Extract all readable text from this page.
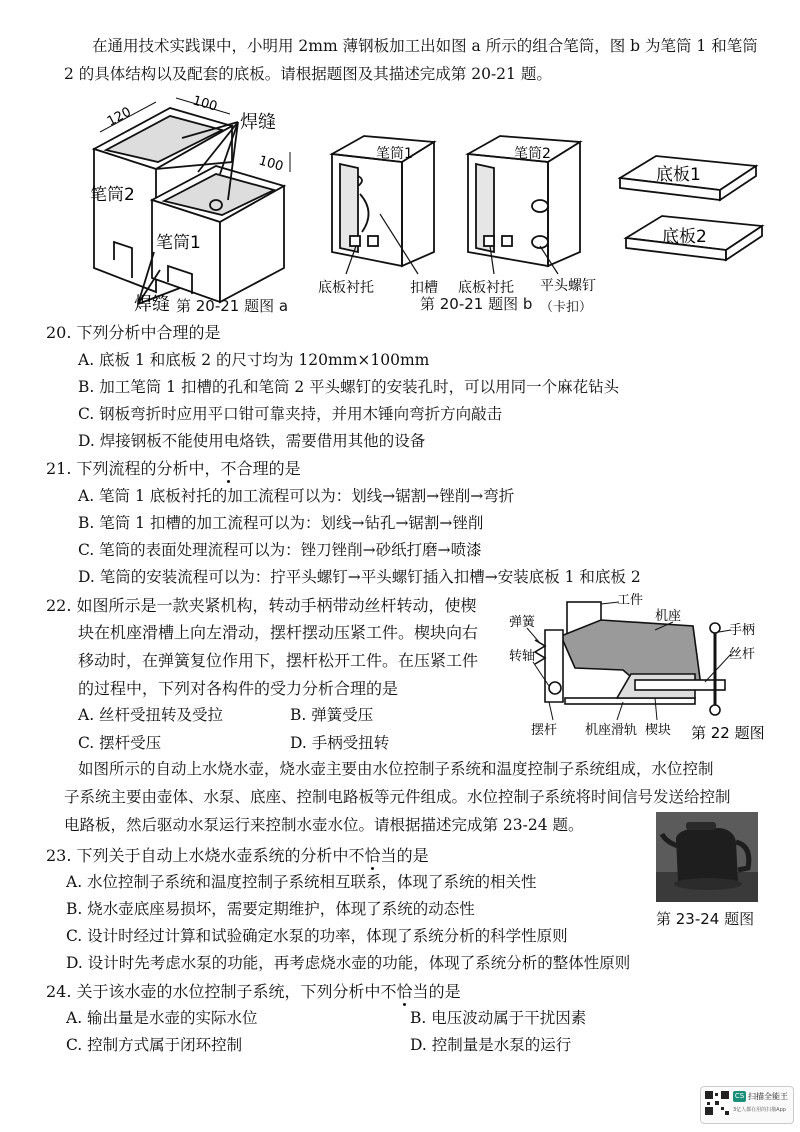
在通用技术实践课中，小明用 2mm 薄钢板加工出如图 a 所示的组合笔筒，图 b 为笔筒 1 和笔筒
2 的具体结构以及配套的底板。请根据题图及其描述完成第 20-21 题。
120
100
100
焊缝
笔筒2
笔筒1
焊缝 第 20-21 题图 a
笔筒1	笔筒2
底板衬托	扣槽 底板衬托 平头螺钉
第 20-21 题图 b （卡扣）
底板1
底板2
20. 下列分析中合理的是
A. 底板 1 和底板 2 的尺寸均为 120mm×100mm
B. 加工笔筒 1 扣槽的孔和笔筒 2 平头螺钉的安装孔时，可以用同一个麻花钻头
C. 钢板弯折时应用平口钳可靠夹持，并用木锤向弯折方向敲击
D. 焊接钢板不能使用电烙铁，需要借用其他的设备
21. 下列流程的分析中，不合理的是
A. 笔筒 1 底板衬托的加工流程可以为：划线→锯割→锉削→弯折
B. 笔筒 1 扣槽的加工流程可以为：划线→钻孔→锯割→锉削
C. 笔筒的表面处理流程可以为：锉刀锉削→砂纸打磨→喷漆
D. 笔筒的安装流程可以为：拧平头螺钉→平头螺钉插入扣槽→安装底板 1 和底板 2
22. 如图所示是一款夹紧机构，转动手柄带动丝杆转动，使楔
块在机座滑槽上向左滑动，摆杆摆动压紧工件。楔块向右
移动时，在弹簧复位作用下，摆杆松开工件。在压紧工件
的过程中，下列对各构件的受力分析合理的是
A. 丝杆受扭转及受拉	B. 弹簧受压
C. 摆杆受压	D. 手柄受扭转
工件
弹簧	机座
手柄
转轴	丝杆
摆杆 机座滑轨 楔块 第 22 题图
如图所示的自动上水烧水壶，烧水壶主要由水位控制子系统和温度控制子系统组成，水位控制
子系统主要由壶体、水泵、底座、控制电路板等元件组成。水位控制子系统将时间信号发送给控制
电路板，然后驱动水泵运行来控制水壶水位。请根据描述完成第 23-24 题。
第 23-24 题图
23. 下列关于自动上水烧水壶系统的分析中不恰当的是
A. 水位控制子系统和温度控制子系统相互联系，体现了系统的相关性
B. 烧水壶底座易损坏，需要定期维护，体现了系统的动态性
C. 设计时经过计算和试验确定水泵的功率，体现了系统分析的科学性原则
D. 设计时先考虑水泵的功能，再考虑烧水壶的功能，体现了系统分析的整体性原则
24. 关于该水壶的水位控制子系统，下列分析中不恰当的是
A. 输出量是水壶的实际水位	B. 电压波动属于干扰因素
C. 控制方式属于闭环控制	D. 控制量是水泵的运行
CS 扫描全能王
3亿人都在用的扫描App
